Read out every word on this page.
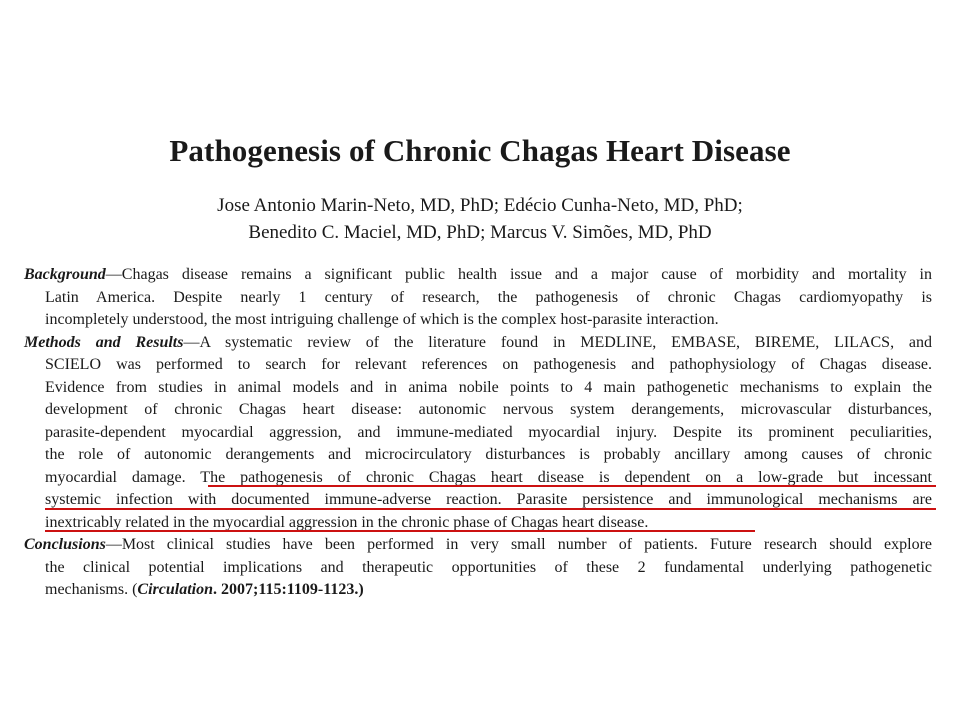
Pathogenesis of Chronic Chagas Heart Disease
Jose Antonio Marin-Neto, MD, PhD; Edécio Cunha-Neto, MD, PhD;
Benedito C. Maciel, MD, PhD; Marcus V. Simões, MD, PhD
Background—Chagas disease remains a significant public health issue and a major cause of morbidity and mortality in
Latin America. Despite nearly 1 century of research, the pathogenesis of chronic Chagas cardiomyopathy is
incompletely understood, the most intriguing challenge of which is the complex host-parasite interaction.
Methods and Results—A systematic review of the literature found in MEDLINE, EMBASE, BIREME, LILACS, and
SCIELO was performed to search for relevant references on pathogenesis and pathophysiology of Chagas disease.
Evidence from studies in animal models and in anima nobile points to 4 main pathogenetic mechanisms to explain the
development of chronic Chagas heart disease: autonomic nervous system derangements, microvascular disturbances,
parasite-dependent myocardial aggression, and immune-mediated myocardial injury. Despite its prominent peculiarities,
the role of autonomic derangements and microcirculatory disturbances is probably ancillary among causes of chronic
myocardial damage. The pathogenesis of chronic Chagas heart disease is dependent on a low-grade but incessant
systemic infection with documented immune-adverse reaction. Parasite persistence and immunological mechanisms are
inextricably related in the myocardial aggression in the chronic phase of Chagas heart disease.
Conclusions—Most clinical studies have been performed in very small number of patients. Future research should explore
the clinical potential implications and therapeutic opportunities of these 2 fundamental underlying pathogenetic
mechanisms. (Circulation. 2007;115:1109-1123.)
